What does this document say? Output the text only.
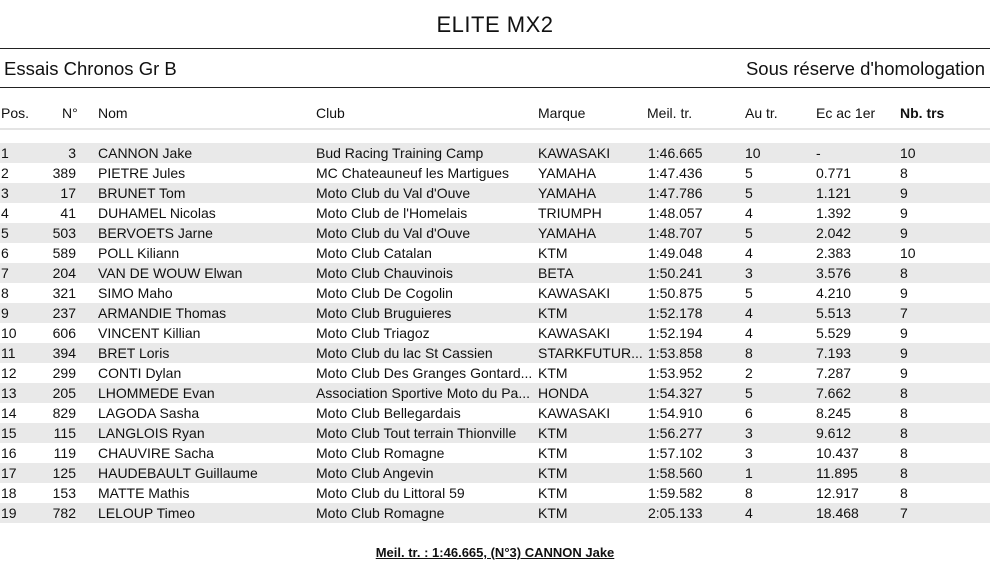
ELITE MX2
Essais Chronos Gr B	Sous réserve d'homologation
Pos.	N°	Nom	Club	Marque	Meil. tr.	Au tr.	Ec ac 1er	Nb. trs
1	3 CANNON Jake	Bud Racing Training Camp	KAWASAKI	1:46.665	10	-	10
2	389 PIETRE Jules	MC Chateauneuf les Martigues	YAMAHA	1:47.436	5	0.771	8
3	17 BRUNET Tom	Moto Club du Val d'Ouve	YAMAHA	1:47.786	5	1.121	9
4	41 DUHAMEL Nicolas	Moto Club de l'Homelais	TRIUMPH	1:48.057	4	1.392	9
5	503 BERVOETS Jarne	Moto Club du Val d'Ouve	YAMAHA	1:48.707	5	2.042	9
6	589 POLL Kiliann	Moto Club Catalan	KTM	1:49.048	4	2.383	10
7	204 VAN DE WOUW Elwan	Moto Club Chauvinois	BETA	1:50.241	3	3.576	8
8	321 SIMO Maho	Moto Club De Cogolin	KAWASAKI	1:50.875	5	4.210	9
9	237 ARMANDIE Thomas	Moto Club Bruguieres	KTM	1:52.178	4	5.513	7
10	606 VINCENT Killian	Moto Club Triagoz	KAWASAKI	1:52.194	4	5.529	9
11	394 BRET Loris	Moto Club du lac St Cassien	STARKFUTUR... 1:53.858	8	7.193	9
12	299 CONTI Dylan	Moto Club Des Granges Gontard... KTM	1:53.952	2	7.287	9
13	205 LHOMMEDE Evan	Association Sportive Moto du Pa... HONDA	1:54.327	5	7.662	8
14	829 LAGODA Sasha	Moto Club Bellegardais	KAWASAKI	1:54.910	6	8.245	8
15	115 LANGLOIS Ryan	Moto Club Tout terrain Thionville	KTM	1:56.277	3	9.612	8
16	119 CHAUVIRE Sacha	Moto Club Romagne	KTM	1:57.102	3	10.437	8
17	125 HAUDEBAULT Guillaume	Moto Club Angevin	KTM	1:58.560	1	11.895	8
18	153 MATTE Mathis	Moto Club du Littoral 59	KTM	1:59.582	8	12.917	8
19	782 LELOUP Timeo	Moto Club Romagne	KTM	2:05.133	4	18.468	7
Meil. tr. : 1:46.665, (N°3) CANNON Jake
